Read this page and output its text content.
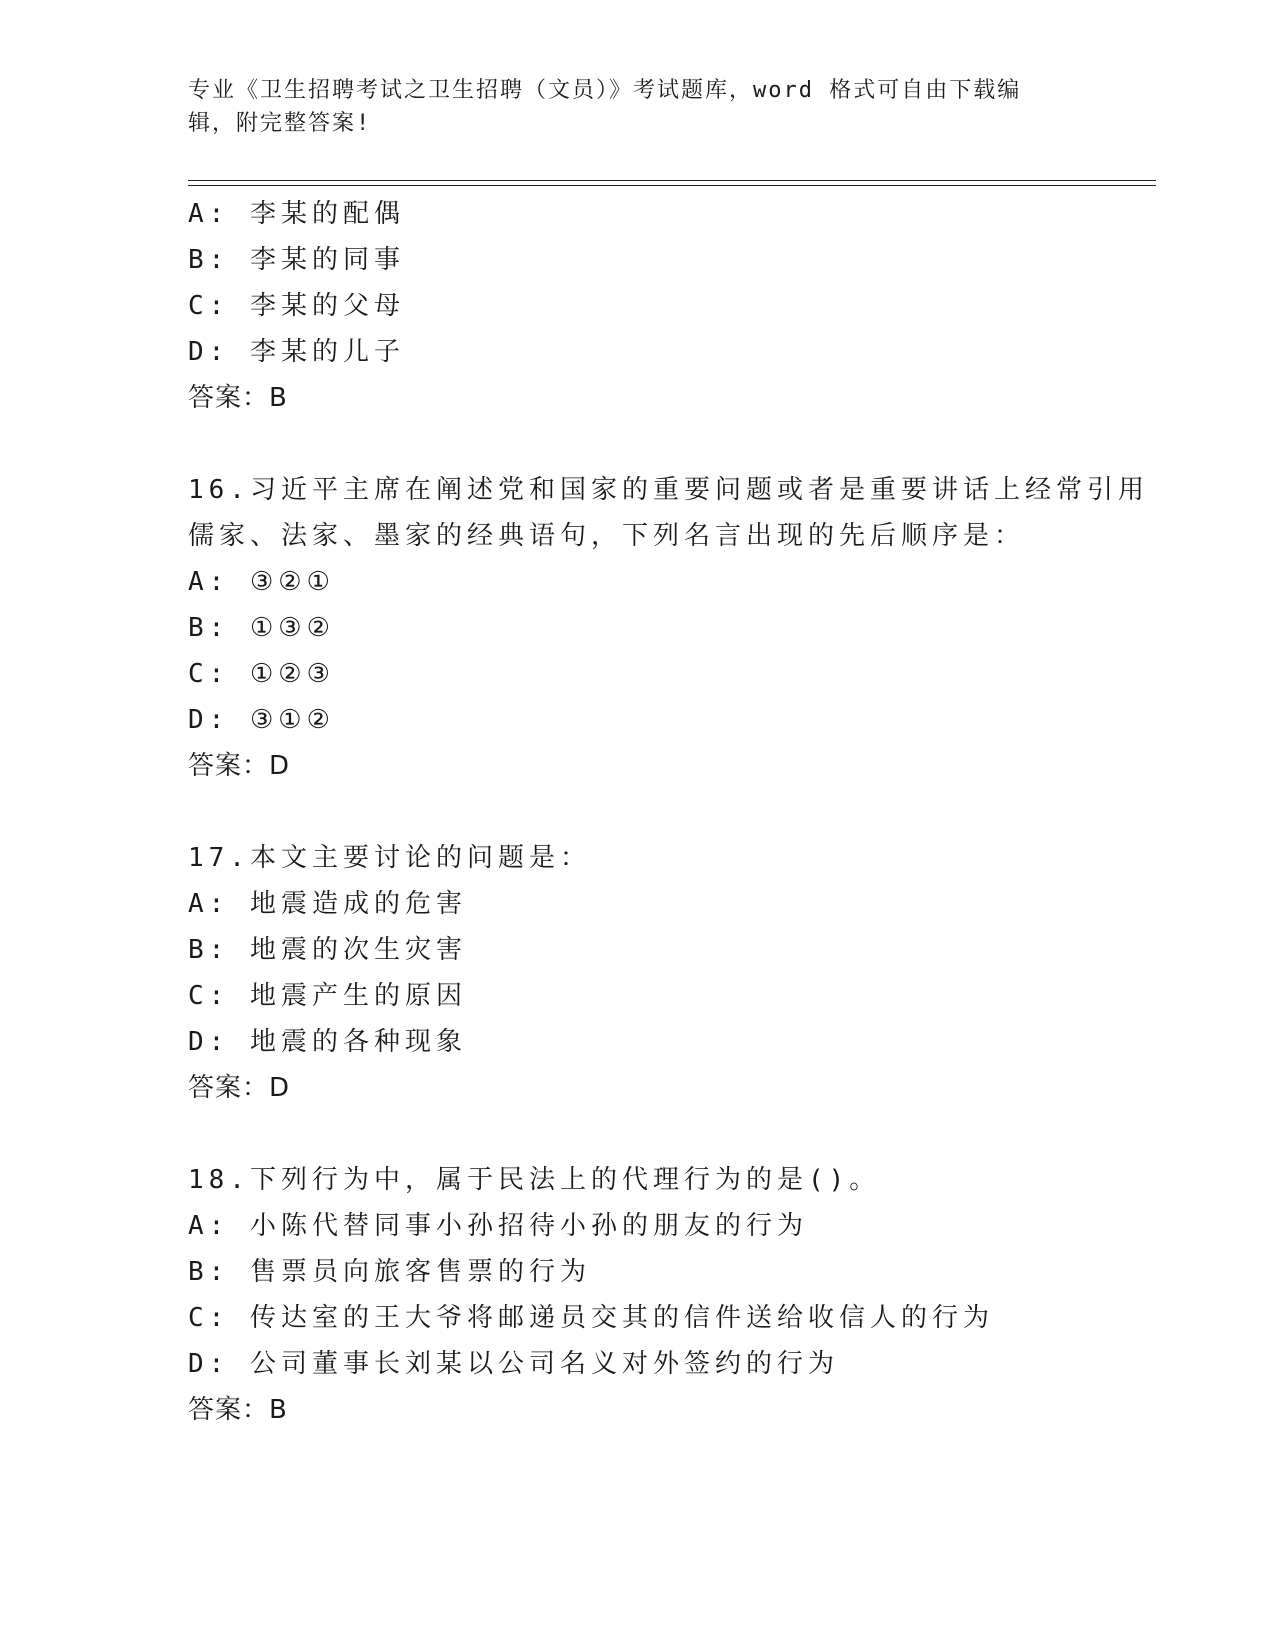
专业《卫生招聘考试之卫生招聘（文员）》考试题库，word 格式可自由下载编辑，附完整答案!
A: 李某的配偶
B: 李某的同事
C: 李某的父母
D: 李某的儿子
答案：B
16.习近平主席在阐述党和国家的重要问题或者是重要讲话上经常引用
儒家、法家、墨家的经典语句，下列名言出现的先后顺序是：
A: ③②①
B: ①③②
C: ①②③
D: ③①②
答案：D
17.本文主要讨论的问题是：
A: 地震造成的危害
B: 地震的次生灾害
C: 地震产生的原因
D: 地震的各种现象
答案：D
18.下列行为中，属于民法上的代理行为的是()。
A: 小陈代替同事小孙招待小孙的朋友的行为
B: 售票员向旅客售票的行为
C: 传达室的王大爷将邮递员交其的信件送给收信人的行为
D: 公司董事长刘某以公司名义对外签约的行为
答案：B
